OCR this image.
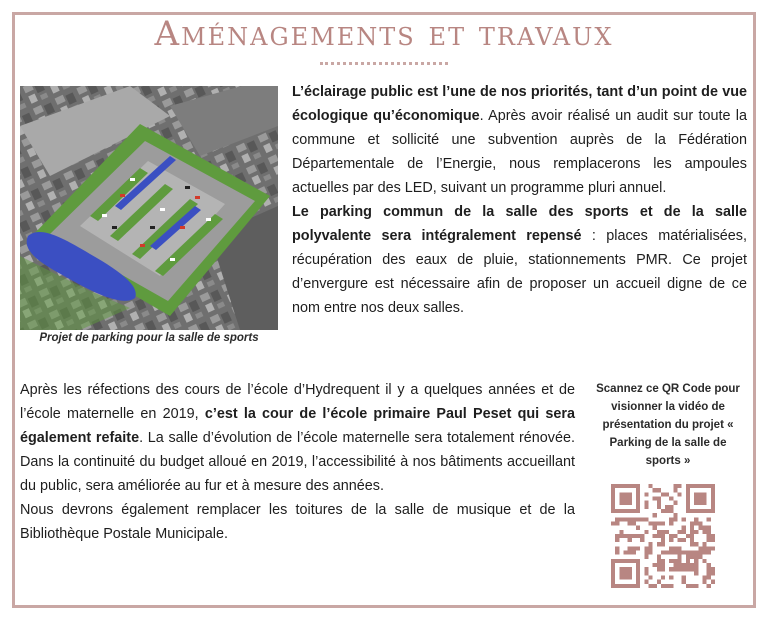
Aménagements et travaux
Projet de parking pour la salle de sports

L’éclairage public est l’une de nos priorités, tant d’un point de vue écologique qu’économique. Après avoir réalisé un audit sur toute la commune et sollicité une subvention auprès de la Fédération Départementale de l’Energie, nous remplacerons les ampoules actuelles par des LED, suivant un programme pluri annuel.

Le parking commun de la salle des sports et de la salle polyvalente sera intégralement repensé : places matérialisées, récupération des eaux de pluie, stationnements PMR. Ce projet d’envergure est nécessaire afin de proposer un accueil digne de ce nom entre nos deux salles.

Après les réfections des cours de l’école d’Hydrequent il y a quelques années et de l’école maternelle en 2019, c’est la cour de l’école primaire Paul Peset qui sera également refaite. La salle d’évolution de l’école maternelle sera totalement rénovée. Dans la continuité du budget alloué en 2019, l’accessibilité à nos bâtiments accueillant du public, sera améliorée au fur et à mesure des années.

Nous devrons également remplacer les toitures de la salle de musique et de la Bibliothèque Postale Municipale.

Scannez ce QR Code pour visionner la vidéo de présentation du projet « Parking de la salle de sports »
